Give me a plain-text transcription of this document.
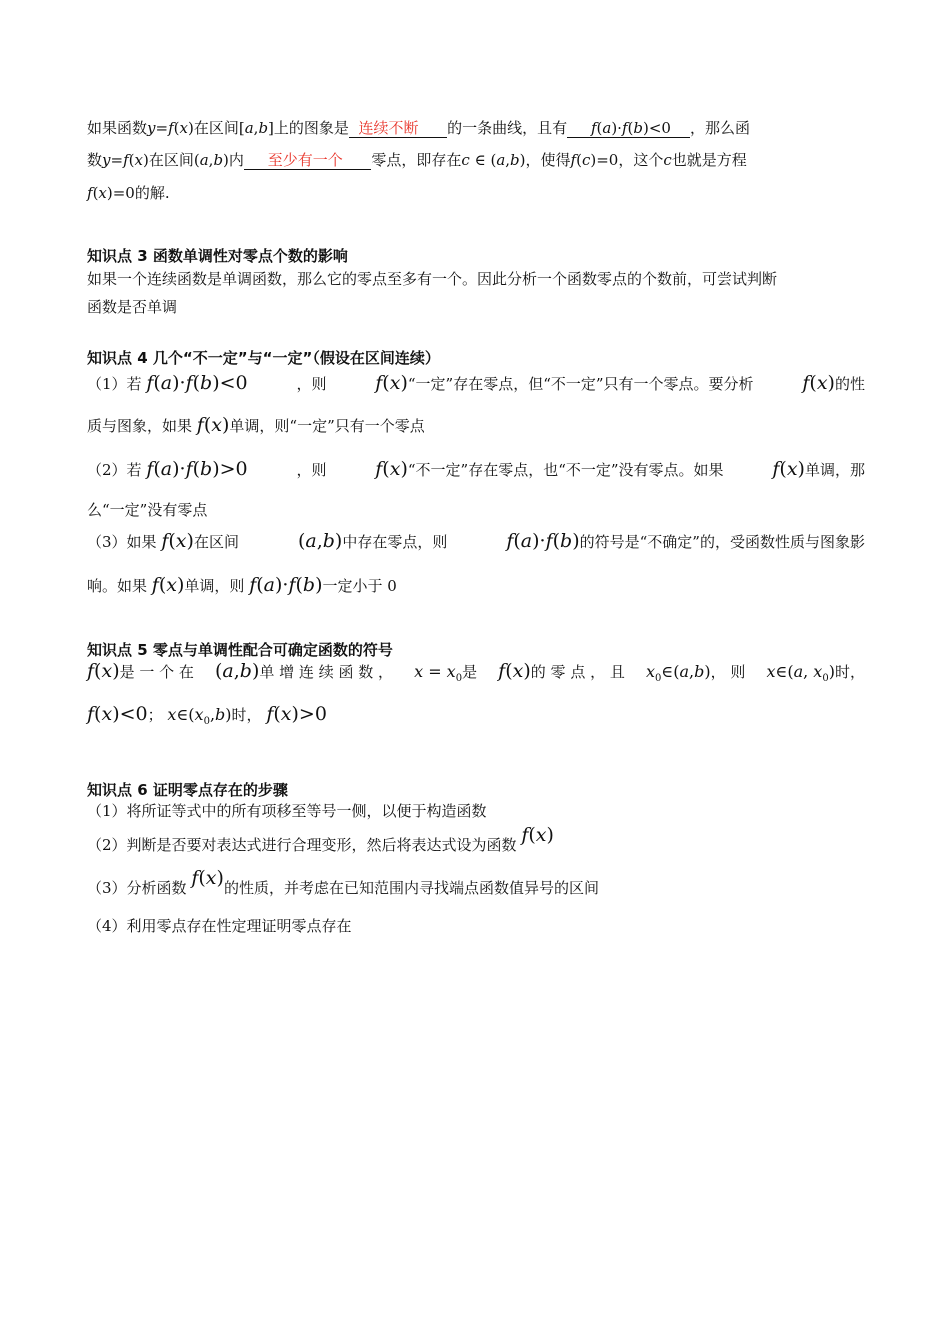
如果函数y=f(x)在区间[a,b]上的图象是 连续不断 的一条曲线，且有 f(a)·f(b)<0    ，那么函
数y=f(x)在区间(a,b)内 至少有一个 零点，即存在c ∈ (a,b)，使得f(c)=0，这个c也就是方程
f(x)=0的解.
知识点 3 函数单调性对零点个数的影响
如果一个连续函数是单调函数，那么它的零点至多有一个。因此分析一个函数零点的个数前，可尝试判断
函数是否单调
知识点 4 几个“不一定”与“一定”（假设在区间连续）
（1）若 f(a)·f(b)<0	，则	f(x)“一定”存在零点，但“不一定”只有一个零点。要分析	f(x)的性
质与图象，如果 f(x)单调，则“一定”只有一个零点
（2）若 f(a)·f(b)>0	，则	f(x)“不一定”存在零点，也“不一定”没有零点。如果	f(x)单调，那
么“一定”没有零点
（3）如果 f(x)在区间	(a,b)中存在零点，则	f(a)·f(b)的符号是“不确定”的，受函数性质与图象影
响。如果 f(x)单调，则 f(a)·f(b)一定小于 0
知识点 5 零点与单调性配合可确定函数的符号
f(x)是 一 个 在 (a,b)单 增 连 续 函 数 ， $x = x_0$是 f(x)的 零 点 ， 且 $x_0\in(a,b)$， 则 x∈(a, $x_0$)时，
f(x)<0； $x\in(x_0,b)$时， f(x)>0
知识点 6 证明零点存在的步骤
（1）将所证等式中的所有项移至等号一侧，以便于构造函数
（2）判断是否要对表达式进行合理变形，然后将表达式设为函数 f(x)
（3）分析函数 f(x)的性质，并考虑在已知范围内寻找端点函数值异号的区间
（4）利用零点存在性定理证明零点存在
